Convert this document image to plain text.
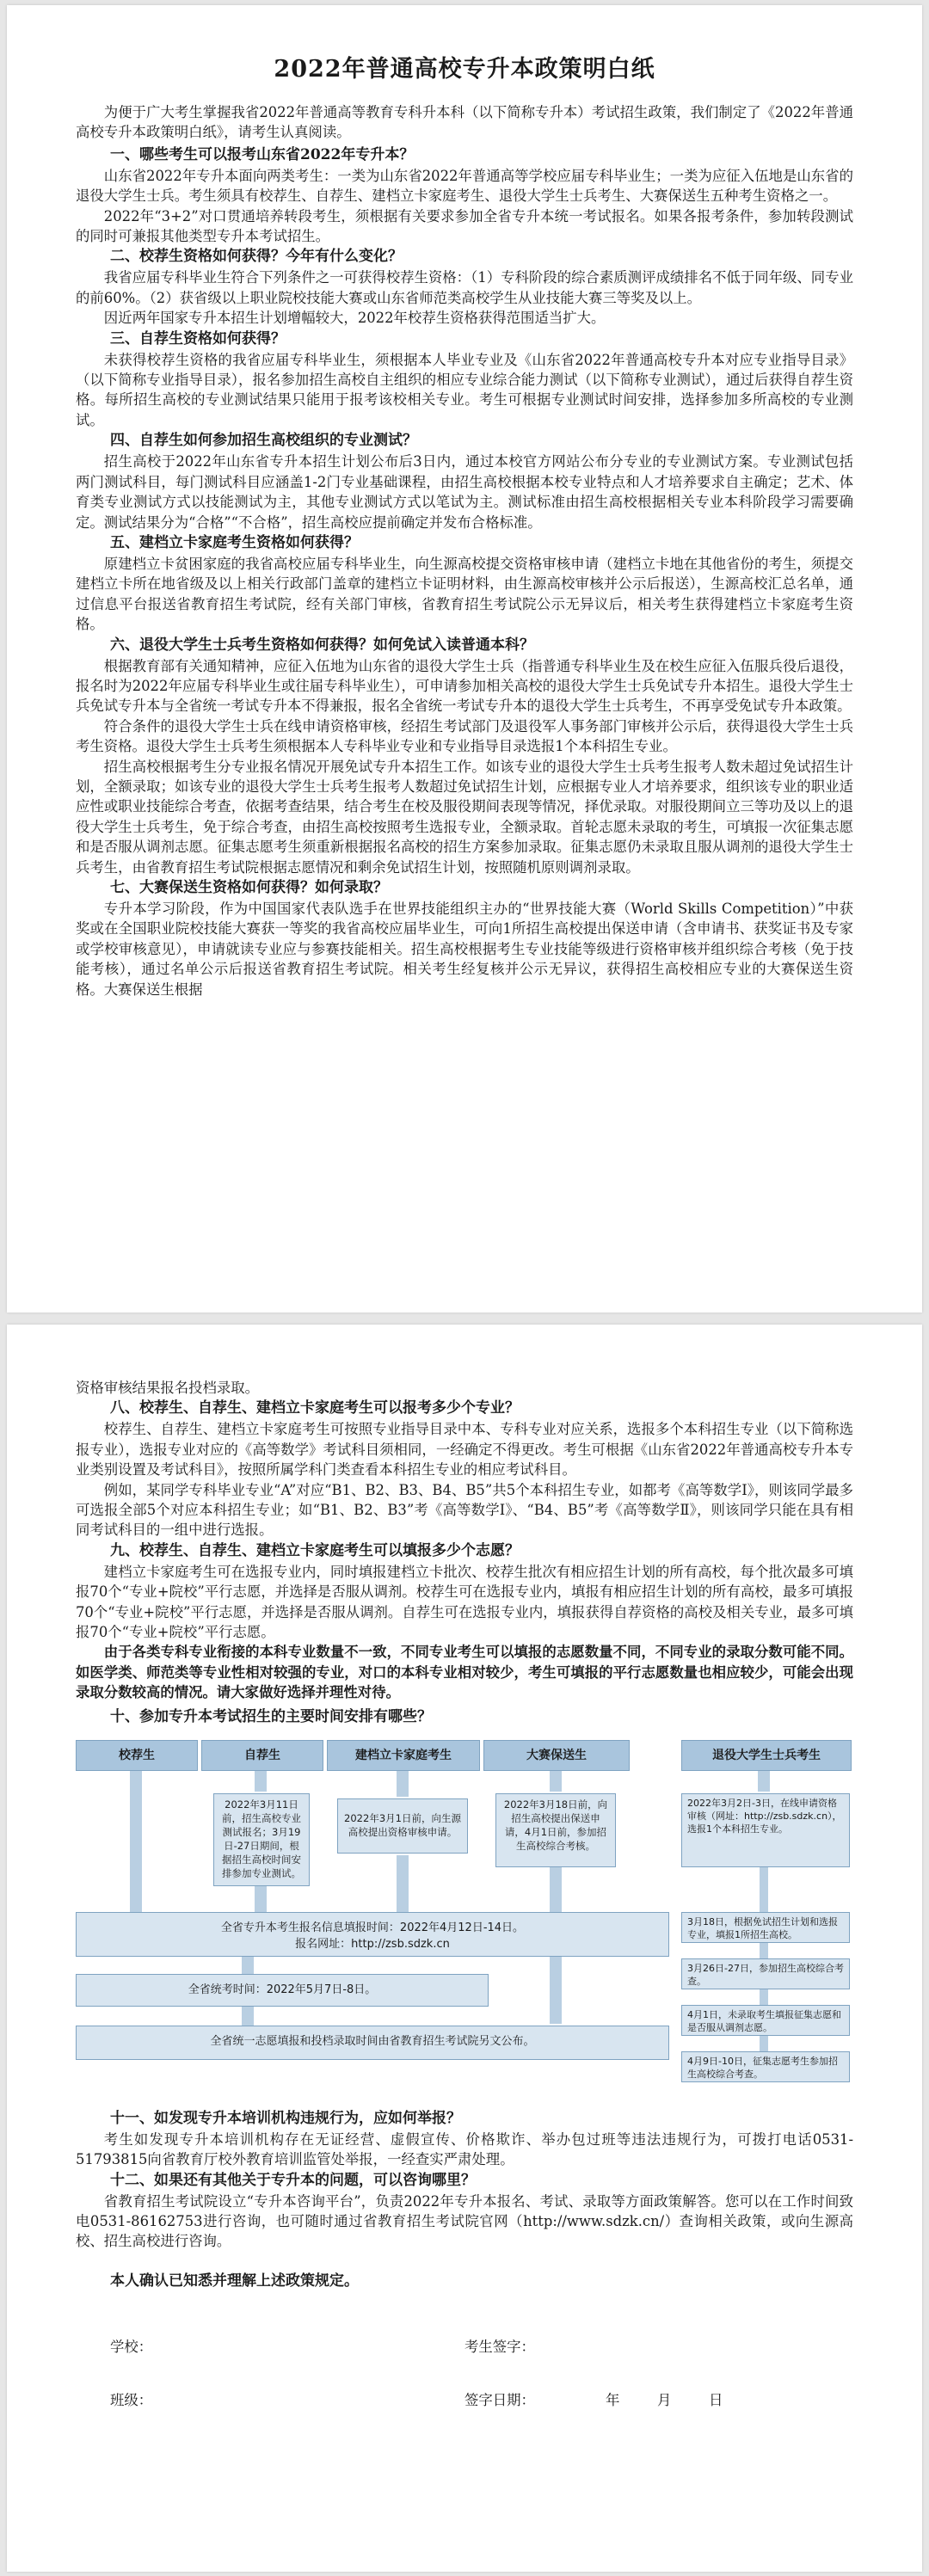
2022年普通高校专升本政策明白纸

为便于广大考生掌握我省2022年普通高等教育专科升本科（以下简称专升本）考试招生政策，我们制定了《2022年普通高校专升本政策明白纸》，请考生认真阅读。

一、哪些考生可以报考山东省2022年专升本？

山东省2022年专升本面向两类考生：一类为山东省2022年普通高等学校应届专科毕业生；一类为应征入伍地是山东省的退役大学生士兵。考生须具有校荐生、自荐生、建档立卡家庭考生、退役大学生士兵考生、大赛保送生五种考生资格之一。

2022年“3+2”对口贯通培养转段考生，须根据有关要求参加全省专升本统一考试报名。如果各报考条件，参加转段测试的同时可兼报其他类型专升本考试招生。

二、校荐生资格如何获得？今年有什么变化？

我省应届专科毕业生符合下列条件之一可获得校荐生资格：（1）专科阶段的综合素质测评成绩排名不低于同年级、同专业的前60%。（2）获省级以上职业院校技能大赛或山东省师范类高校学生从业技能大赛三等奖及以上。

因近两年国家专升本招生计划增幅较大，2022年校荐生资格获得范围适当扩大。

三、自荐生资格如何获得？

未获得校荐生资格的我省应届专科毕业生，须根据本人毕业专业及《山东省2022年普通高校专升本对应专业指导目录》（以下简称专业指导目录），报名参加招生高校自主组织的相应专业综合能力测试（以下简称专业测试），通过后获得自荐生资格。每所招生高校的专业测试结果只能用于报考该校相关专业。考生可根据专业测试时间安排，选择参加多所高校的专业测试。

四、自荐生如何参加招生高校组织的专业测试？

招生高校于2022年山东省专升本招生计划公布后3日内，通过本校官方网站公布分专业的专业测试方案。专业测试包括两门测试科目，每门测试科目应涵盖1-2门专业基础课程，由招生高校根据本校专业特点和人才培养要求自主确定；艺术、体育类专业测试方式以技能测试为主，其他专业测试方式以笔试为主。测试标准由招生高校根据相关专业本科阶段学习需要确定。测试结果分为“合格”“不合格”，招生高校应提前确定并发布合格标准。

五、建档立卡家庭考生资格如何获得？

原建档立卡贫困家庭的我省高校应届专科毕业生，向生源高校提交资格审核申请（建档立卡地在其他省份的考生，须提交建档立卡所在地省级及以上相关行政部门盖章的建档立卡证明材料，由生源高校审核并公示后报送），生源高校汇总名单，通过信息平台报送省教育招生考试院，经有关部门审核，省教育招生考试院公示无异议后，相关考生获得建档立卡家庭考生资格。

六、退役大学生士兵考生资格如何获得？如何免试入读普通本科？

根据教育部有关通知精神，应征入伍地为山东省的退役大学生士兵（指普通专科毕业生及在校生应征入伍服兵役后退役，报名时为2022年应届专科毕业生或往届专科毕业生），可申请参加相关高校的退役大学生士兵免试专升本招生。退役大学生士兵免试专升本与全省统一考试专升本不得兼报，报名全省统一考试专升本的退役大学生士兵考生，不再享受免试专升本政策。

符合条件的退役大学生士兵在线申请资格审核，经招生考试部门及退役军人事务部门审核并公示后，获得退役大学生士兵考生资格。退役大学生士兵考生须根据本人专科毕业专业和专业指导目录选报1个本科招生专业。

招生高校根据考生分专业报名情况开展免试专升本招生工作。如该专业的退役大学生士兵考生报考人数未超过免试招生计划，全额录取；如该专业的退役大学生士兵考生报考人数超过免试招生计划，应根据专业人才培养要求，组织该专业的职业适应性或职业技能综合考查，依据考查结果，结合考生在校及服役期间表现等情况，择优录取。对服役期间立三等功及以上的退役大学生士兵考生，免于综合考查，由招生高校按照考生选报专业，全额录取。首轮志愿未录取的考生，可填报一次征集志愿和是否服从调剂志愿。征集志愿考生须重新根据报名高校的招生方案参加录取。征集志愿仍未录取且服从调剂的退役大学生士兵考生，由省教育招生考试院根据志愿情况和剩余免试招生计划，按照随机原则调剂录取。

七、大赛保送生资格如何获得？如何录取？

专升本学习阶段，作为中国国家代表队选手在世界技能组织主办的“世界技能大赛（World Skills Competition）”中获奖或在全国职业院校技能大赛获一等奖的我省高校应届毕业生，可向1所招生高校提出保送申请（含申请书、获奖证书及专家或学校审核意见），申请就读专业应与参赛技能相关。招生高校根据考生专业技能等级进行资格审核并组织综合考核（免于技能考核），通过名单公示后报送省教育招生考试院。相关考生经复核并公示无异议，获得招生高校相应专业的大赛保送生资格。大赛保送生根据

资格审核结果报名投档录取。

八、校荐生、自荐生、建档立卡家庭考生可以报考多少个专业？

校荐生、自荐生、建档立卡家庭考生可按照专业指导目录中本、专科专业对应关系，选报多个本科招生专业（以下简称选报专业），选报专业对应的《高等数学》考试科目须相同，一经确定不得更改。考生可根据《山东省2022年普通高校专升本专业类别设置及考试科目》，按照所属学科门类查看本科招生专业的相应考试科目。

例如，某同学专科毕业专业“A”对应“B1、B2、B3、B4、B5”共5个本科招生专业，如都考《高等数学Ⅰ》，则该同学最多可选报全部5个对应本科招生专业；如“B1、B2、B3”考《高等数学Ⅰ》、“B4、B5”考《高等数学Ⅱ》，则该同学只能在具有相同考试科目的一组中进行选报。

九、校荐生、自荐生、建档立卡家庭考生可以填报多少个志愿？

建档立卡家庭考生可在选报专业内，同时填报建档立卡批次、校荐生批次有相应招生计划的所有高校，每个批次最多可填报70个“专业+院校”平行志愿，并选择是否服从调剂。校荐生可在选报专业内，填报有相应招生计划的所有高校，最多可填报70个“专业+院校”平行志愿，并选择是否服从调剂。自荐生可在选报专业内，填报获得自荐资格的高校及相关专业，最多可填报70个“专业+院校”平行志愿。

由于各类专科专业衔接的本科专业数量不一致，不同专业考生可以填报的志愿数量不同，不同专业的录取分数可能不同。如医学类、师范类等专业性相对较强的专业，对口的本科专业相对较少，考生可填报的平行志愿数量也相应较少，可能会出现录取分数较高的情况。请大家做好选择并理性对待。

十、参加专升本考试招生的主要时间安排有哪些？
校荐生	自荐生	建档立卡家庭考生	大赛保送生	退役大学生士兵考生
2022年3月11日前，招生高校专业测试报名；3月19日-27日期间，根据招生高校时间安排参加专业测试。
2022年3月1日前，向生源高校提出资格审核申请。
2022年3月18日前，向招生高校提出保送申请，4月1日前，参加招生高校综合考核。
2022年3月2日-3日，在线申请资格审核（网址：http://zsb.sdzk.cn），选报1个本科招生专业。
3月18日，根据免试招生计划和选报专业，填报1所招生高校。
3月26日-27日，参加招生高校综合考查。
4月1日，未录取考生填报征集志愿和是否服从调剂志愿。
4月9日-10日，征集志愿考生参加招生高校综合考查。
全省专升本考生报名信息填报时间：2022年4月12日-14日。
报名网址：http://zsb.sdzk.cn
全省统考时间：2022年5月7日-8日。
全省统一志愿填报和投档录取时间由省教育招生考试院另文公布。
十一、如发现专升本培训机构违规行为，应如何举报？

考生如发现专升本培训机构存在无证经营、虚假宣传、价格欺诈、举办包过班等违法违规行为，可拨打电话0531-51793815向省教育厅校外教育培训监管处举报，一经查实严肃处理。

十二、如果还有其他关于专升本的问题，可以咨询哪里？

省教育招生考试院设立“专升本咨询平台”，负责2022年专升本报名、考试、录取等方面政策解答。您可以在工作时间致电0531-86162753进行咨询，也可随时通过省教育招生考试院官网（http://www.sdzk.cn/）查询相关政策，或向生源高校、招生高校进行咨询。

本人确认已知悉并理解上述政策规定。
学校：	考生签字：
班级：	签字日期：	年	月	日
